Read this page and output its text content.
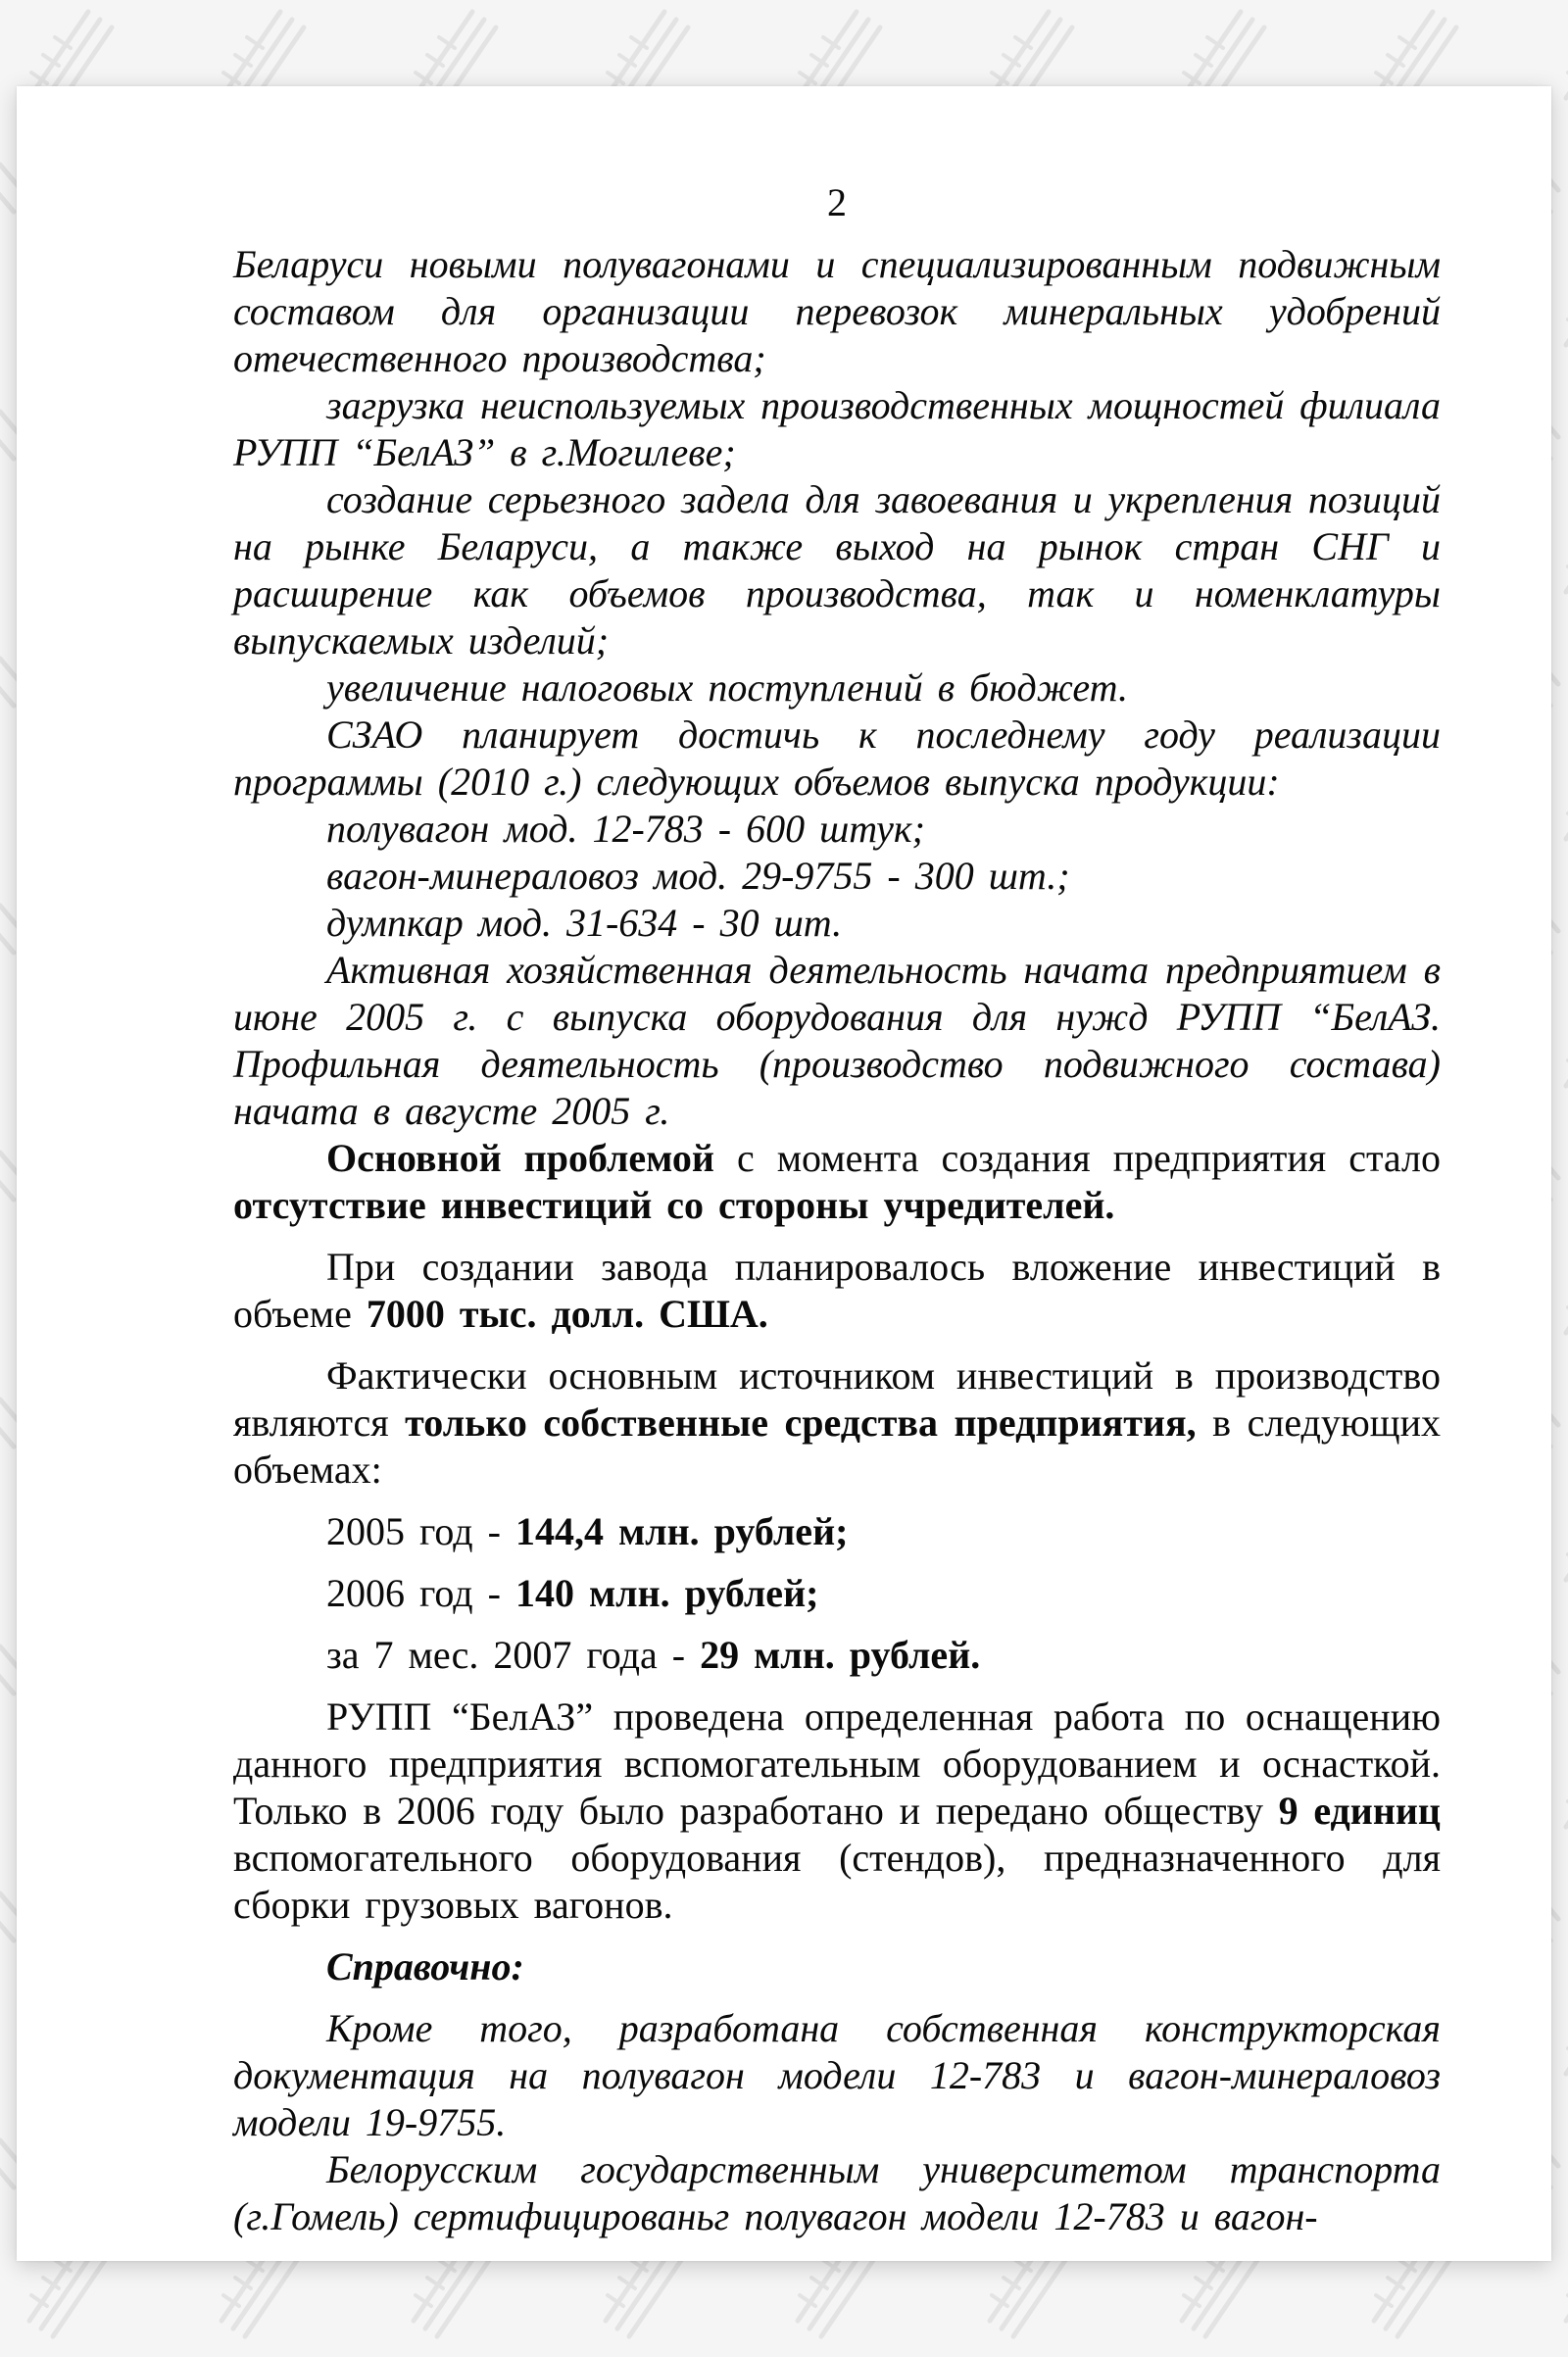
2

Беларуси новыми полувагонами и специализированным подвижным составом для организации перевозок минеральных удобрений отечественного производства;

загрузка неиспользуемых производственных мощностей филиала РУПП “БелАЗ” в г.Могилеве;

создание серьезного задела для завоевания и укрепления позиций на рынке Беларуси, а также выход на рынок стран СНГ и расширение как объемов производства, так и номенклатуры выпускаемых изделий;

увеличение налоговых поступлений в бюджет.

СЗАО планирует достичь к последнему году реализации программы (2010 г.) следующих объемов выпуска продукции:

полувагон мод. 12-783 - 600 штук;

вагон-минераловоз мод. 29-9755 - 300 шт.;

думпкар мод. 31-634 - 30 шт.

Активная хозяйственная деятельность начата предприятием в июне 2005 г. с выпуска оборудования для нужд РУПП “БелАЗ. Профильная деятельность (производство подвижного состава) начата в августе 2005 г.

Основной проблемой с момента создания предприятия стало отсутствие инвестиций со стороны учредителей.

При создании завода планировалось вложение инвестиций в объеме 7000 тыс. долл. США.

Фактически основным источником инвестиций в производство являются только собственные средства предприятия, в следующих объемах:

2005 год - 144,4 млн. рублей;

2006 год - 140 млн. рублей;

за 7 мес. 2007 года - 29 млн. рублей.

РУПП “БелАЗ” проведена определенная работа по оснащению данного предприятия вспомогательным оборудованием и оснасткой. Только в 2006 году было разработано и передано обществу 9 единиц вспомогательного оборудования (стендов), предназначенного для сборки грузовых вагонов.

Справочно:

Кроме того, разработана собственная конструкторская документация на полувагон модели 12-783 и вагон-минераловоз модели 19-9755.

Белорусским государственным университетом транспорта (г.Гомель) сертифицированьг полувагон модели 12-783 и вагон-
